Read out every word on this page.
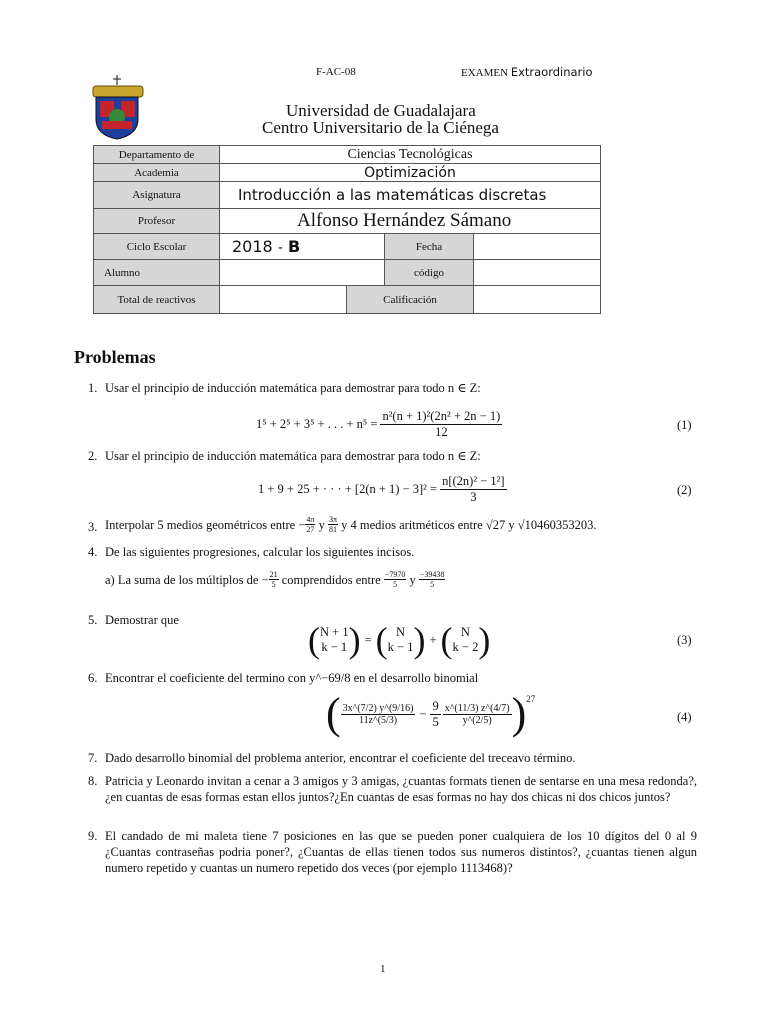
F-AC-08	EXAMEN Extraordinario
Universidad de Guadalajara
Centro Universitario de la Ciénega
Departamento de	Ciencias Tecnológicas			
Academia	Optimización			
Asignatura	Introducción a las matemáticas discretas			
Profesor	Alfonso Hernández Sámano			
Ciclo Escolar	2018 - B		Fecha	
Alumno			código	
Total de reactivos		Calificación		
Problemas
1. Usar el principio de inducción matemática para demostrar para todo n ∈ Z:
1⁵ + 2⁵ + 3⁵ + . . . + $n^5 = \frac{\text{n²(n + 1)²(2n² + 2n − 1)}}{12}$	(1)
2. Usar el principio de inducción matemática para demostrar para todo n ∈ Z:
1 + 9 + 25 + · · · + $[2(n + 1) - 3]^2 = \frac{\text{n[(2n)² − 1²]}}{3}$	(2)
3. Interpolar 5 medios geométricos entre − $\frac{4\pi}{27}$ y $\frac{3\pi}{81}$ y 4 medios aritméticos entre √27 y √10460353203.
4. De las siguientes progresiones, calcular los siguientes incisos.
a) La suma de los múltiplos de − $\frac{21}{5}$ comprendidos entre $\frac{-7970}{5}$ y $\frac{-39438}{5}$
5. Demostrar que	( N + 1
k − 1 ) = ( N
k − 1 ) + ( N
k − 2 )	(3)
6. Encontrar el coeficiente del termino con y^−69/8 en el desarrollo binomial
( $\frac{3x\^{}(7/2) y\^{}(9/16)}{11z\^{}(5/3)} - \frac{9}{5} \frac{x\^{}(11/3) z\^{}(4/7)}{y\^{}(2/5)}$ ) 27
(4)
7. Dado desarrollo binomial del problema anterior, encontrar el coeficiente del treceavo término.
8. Patricia y Leonardo invitan a cenar a 3 amigos y 3 amigas, ¿cuantas formats tienen de sentarse en una mesa redonda?,¿en cuantas de esas formas estan ellos juntos?¿En cuantas de esas formas no hay dos chicas ni dos chicos juntos?
9. El candado de mi maleta tiene 7 posiciones en las que se pueden poner cualquiera de los 10 dígitos del 0 al 9 ¿Cuantas contraseñas podria poner?, ¿Cuantas de ellas tienen todos sus numeros distintos?, ¿cuantas tienen algun numero repetido y cuantas un numero repetido dos veces (por ejemplo 1113468)?
1
